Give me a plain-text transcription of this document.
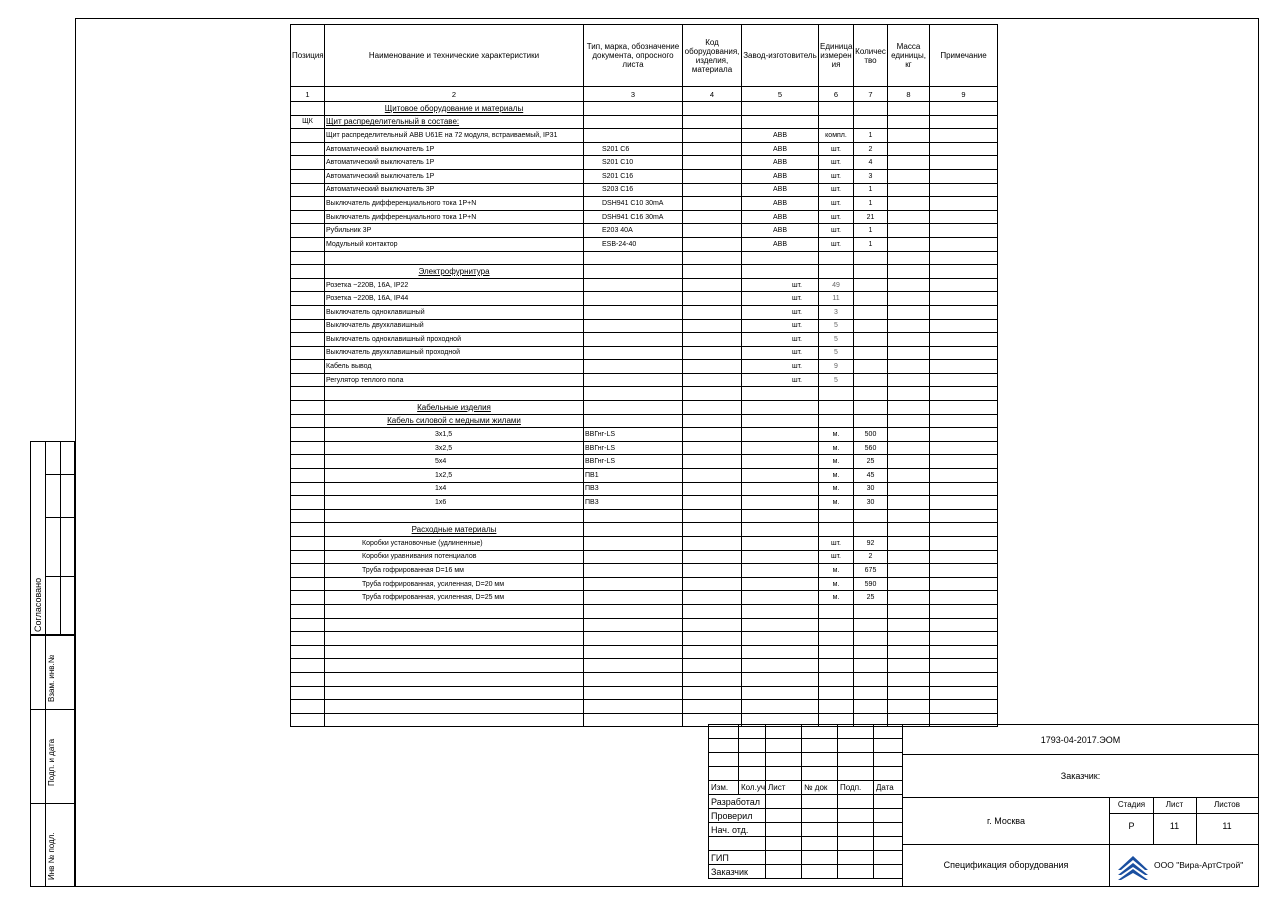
Согласовано
Взам. инв.№
Подп. и дата
Инв № подл.
Позиция	Наименование и технические характеристики	Тип, марка, обозначение документа, опросного листа	Код оборудования, изделия, материала	Завод-изготовитель	Единица измерен ия	Количес тво	Масса единицы, кг	Примечание
1	2	3	4	5	6	7	8	9
	Щитовое оборудование и материалы							
ЩК	Щит распределительный в составе:							
	Щит распределительный ABB U61E на 72 модуля, встраиваемый, IP31			ABB	компл.	1		
	Автоматический выключатель 1P	S201 C6		ABB	шт.	2		
	Автоматический выключатель 1P	S201 C10		ABB	шт.	4		
	Автоматический выключатель 1P	S201 C16		ABB	шт.	3		
	Автоматический выключатель 3P	S203 C16		ABB	шт.	1		
	Выключатель дифференциального тока 1P+N	DSH941 C10 30mA		ABB	шт.	1		
	Выключатель дифференциального тока 1P+N	DSH941 C16 30mA		ABB	шт.	21		
	Рубильник 3P	E203 40A		ABB	шт.	1		
	Модульный контактор	ESB-24-40		ABB	шт.	1		

	Электрофурнитура							
	Розетка ~220В, 16А, IP22			шт.	49			
	Розетка ~220В, 16А, IP44			шт.	11			
	Выключатель одноклавишный			шт.	3			
	Выключатель двухклавишный			шт.	5			
	Выключатель одноклавишный проходной			шт.	5			
	Выключатель двухклавишный проходной			шт.	5			
	Кабель вывод			шт.	9			
	Регулятор теплого пола			шт.	5			

	Кабельные изделия							
	Кабель силовой с медными жилами							
	3х1,5	ВВГнг-LS			м.	500		
	3х2,5	ВВГнг-LS			м.	560		
	5х4	ВВГнг-LS			м.	25		
	1х2,5	ПВ1			м.	45		
	1х4	ПВ3			м.	30		
	1х6	ПВ3			м.	30		

	Расходные материалы							
	Коробки установочные (удлиненные)				шт.	92		
	Коробки уравнивания потенциалов				шт.	2		
	Труба гофрированная D=16 мм				м.	675		
	Труба гофрированная, усиленная, D=20 мм				м.	590		
	Труба гофрированная, усиленная, D=25 мм				м.	25		

Изм.	Кол.уч	Лист	№ док	Подп.	Дата
Разработал					
Проверил					
Нач. отд.					

ГИП					
Заказчик					
1793-04-2017.ЭОМ
Заказчик:
г. Москва
Стадия	Лист	Листов
Р	11	11
Спецификация оборудования	ООО "Вира-АртСтрой"
